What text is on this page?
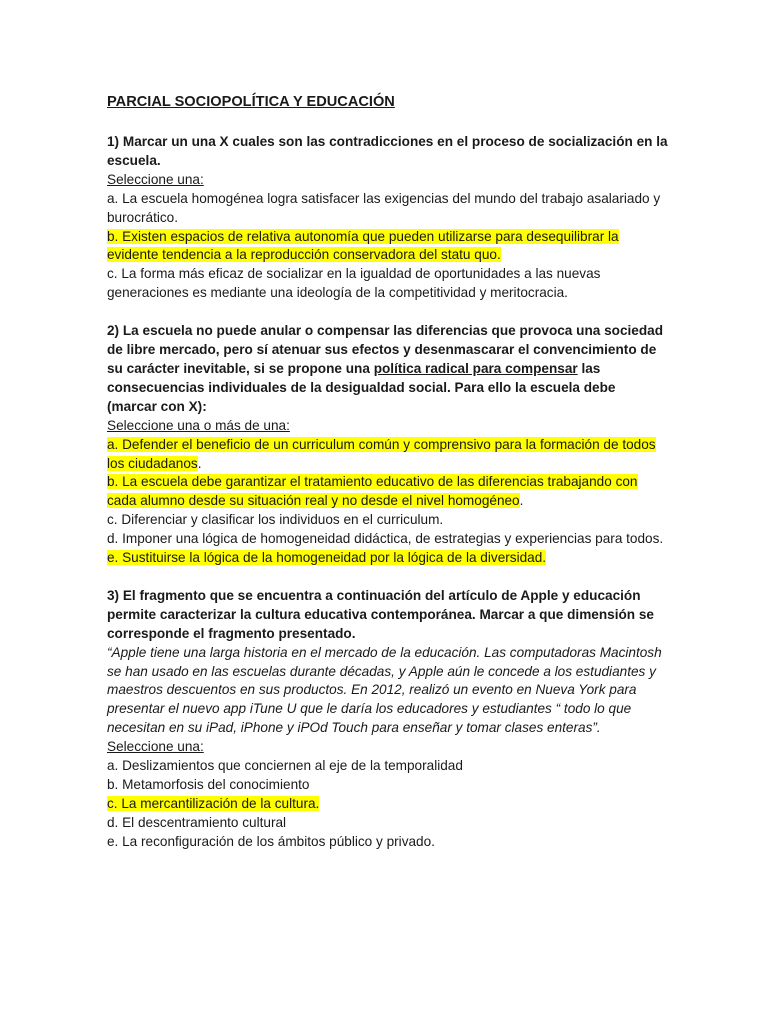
PARCIAL SOCIOPOLÍTICA Y EDUCACIÓN

1) Marcar un una X cuales son las contradicciones en el proceso de socialización en la escuela.

Seleccione una:

a. La escuela homogénea logra satisfacer las exigencias del mundo del trabajo asalariado y burocrático.

b. Existen espacios de relativa autonomía que pueden utilizarse para desequilibrar la evidente tendencia a la reproducción conservadora del statu quo.

c. La forma más eficaz de socializar en la igualdad de oportunidades a las nuevas generaciones es mediante una ideología de la competitividad y meritocracia.

2) La escuela no puede anular o compensar las diferencias que provoca una sociedad de libre mercado, pero sí atenuar sus efectos y desenmascarar el convencimiento de su carácter inevitable, si se propone una política radical para compensar las consecuencias individuales de la desigualdad social. Para ello la escuela debe (marcar con X):

Seleccione una o más de una:

a. Defender el beneficio de un curriculum común y comprensivo para la formación de todos los ciudadanos.

b. La escuela debe garantizar el tratamiento educativo de las diferencias trabajando con cada alumno desde su situación real y no desde el nivel homogéneo.

c. Diferenciar y clasificar los individuos en el curriculum.

d. Imponer una lógica de homogeneidad didáctica, de estrategias y experiencias para todos.

e. Sustituirse la lógica de la homogeneidad por la lógica de la diversidad.

3) El fragmento que se encuentra a continuación del artículo de Apple y educación permite caracterizar la cultura educativa contemporánea. Marcar a que dimensión se corresponde el fragmento presentado.

“Apple tiene una larga historia en el mercado de la educación. Las computadoras Macintosh se han usado en las escuelas durante décadas, y Apple aún le concede a los estudiantes y maestros descuentos en sus productos. En 2012, realizó un evento en Nueva York para presentar el nuevo app iTune U que le daría los educadores y estudiantes “ todo lo que necesitan en su iPad, iPhone y iPOd Touch para enseñar y tomar clases enteras”.

Seleccione una:

a. Deslizamientos que conciernen al eje de la temporalidad

b. Metamorfosis del conocimiento

c. La mercantilización de la cultura.

d. El descentramiento cultural

e. La reconfiguración de los ámbitos público y privado.
